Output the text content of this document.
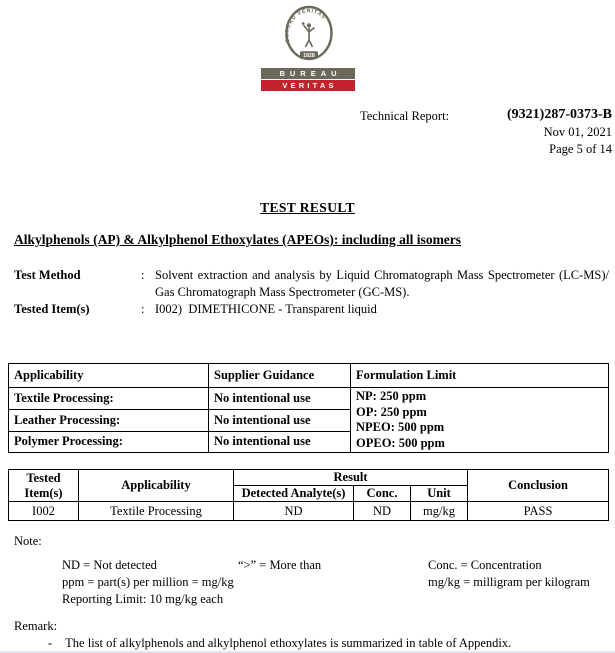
BUREAU VERITAS
1828
BUREAU
VERITAS
Technical Report:	(9321)287-0373-B
Nov 01, 2021
Page 5 of 14
TEST RESULT
Alkylphenols (AP) & Alkylphenol Ethoxylates (APEOs): including all isomers
Test Method	: Solvent extraction and analysis by Liquid Chromatograph Mass Spectrometer (LC-MS)/ Gas Chromatograph Mass Spectrometer (GC-MS).
Tested Item(s)	: I002)  DIMETHICONE - Transparent liquid
Applicability	Supplier Guidance	Formulation Limit
Textile Processing:	No intentional use	NP: 250 ppm
OP: 250 ppm
NPEO: 500 ppm
OPEO: 500 ppm

Leather Processing:	No intentional use	
Polymer Processing:	No intentional use	
Tested Item(s)	Applicability	Result			Conclusion
		Detected Analyte(s)	Conc.	Unit	
I002	Textile Processing	ND	ND	mg/kg	PASS
Note:
ND = Not detected
ppm = part(s) per million = mg/kg
Reporting Limit: 10 mg/kg each
“>” = More than	Conc. = Concentration
mg/kg = milligram per kilogram
Remark:
- The list of alkylphenols and alkylphenol ethoxylates is summarized in table of Appendix.
